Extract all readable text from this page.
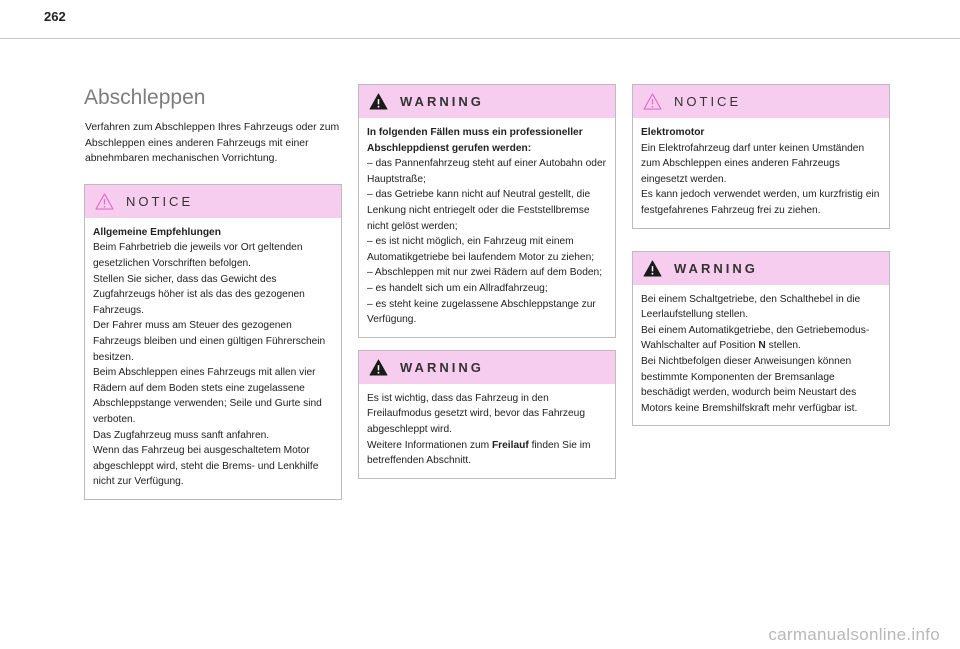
262
Abschleppen

Verfahren zum Abschleppen Ihres Fahrzeugs oder zum Abschleppen eines anderen Fahrzeugs mit einer abnehmbaren mechanischen Vorrichtung.

NOTICE

Allgemeine Empfehlungen

Beim Fahrbetrieb die jeweils vor Ort geltenden gesetzlichen Vorschriften befolgen.

Stellen Sie sicher, dass das Gewicht des Zugfahrzeugs höher ist als das des gezogenen Fahrzeugs.

Der Fahrer muss am Steuer des gezogenen Fahrzeugs bleiben und einen gültigen Führerschein besitzen.

Beim Abschleppen eines Fahrzeugs mit allen vier Rädern auf dem Boden stets eine zugelassene Abschleppstange verwenden; Seile und Gurte sind verboten.

Das Zugfahrzeug muss sanft anfahren.

Wenn das Fahrzeug bei ausgeschaltetem Motor abgeschleppt wird, steht die Brems- und Lenkhilfe nicht zur Verfügung.

WARNING

In folgenden Fällen muss ein professioneller Abschleppdienst gerufen werden:

– das Pannenfahrzeug steht auf einer Autobahn oder Hauptstraße;

– das Getriebe kann nicht auf Neutral gestellt, die Lenkung nicht entriegelt oder die Feststellbremse nicht gelöst werden;

– es ist nicht möglich, ein Fahrzeug mit einem Automatikgetriebe bei laufendem Motor zu ziehen;

– Abschleppen mit nur zwei Rädern auf dem Boden;

– es handelt sich um ein Allradfahrzeug;

– es steht keine zugelassene Abschleppstange zur Verfügung.

WARNING

Es ist wichtig, dass das Fahrzeug in den Freilaufmodus gesetzt wird, bevor das Fahrzeug abgeschleppt wird.

Weitere Informationen zum Freilauf finden Sie im betreffenden Abschnitt.

NOTICE

Elektromotor

Ein Elektrofahrzeug darf unter keinen Umständen zum Abschleppen eines anderen Fahrzeugs eingesetzt werden.

Es kann jedoch verwendet werden, um kurzfristig ein festgefahrenes Fahrzeug frei zu ziehen.

WARNING

Bei einem Schaltgetriebe, den Schalthebel in die Leerlaufstellung stellen.

Bei einem Automatikgetriebe, den Getriebemodus-Wahlschalter auf Position N stellen.

Bei Nichtbefolgen dieser Anweisungen können bestimmte Komponenten der Bremsanlage beschädigt werden, wodurch beim Neustart des Motors keine Bremshilfskraft mehr verfügbar ist.

carmanualsonline.info
